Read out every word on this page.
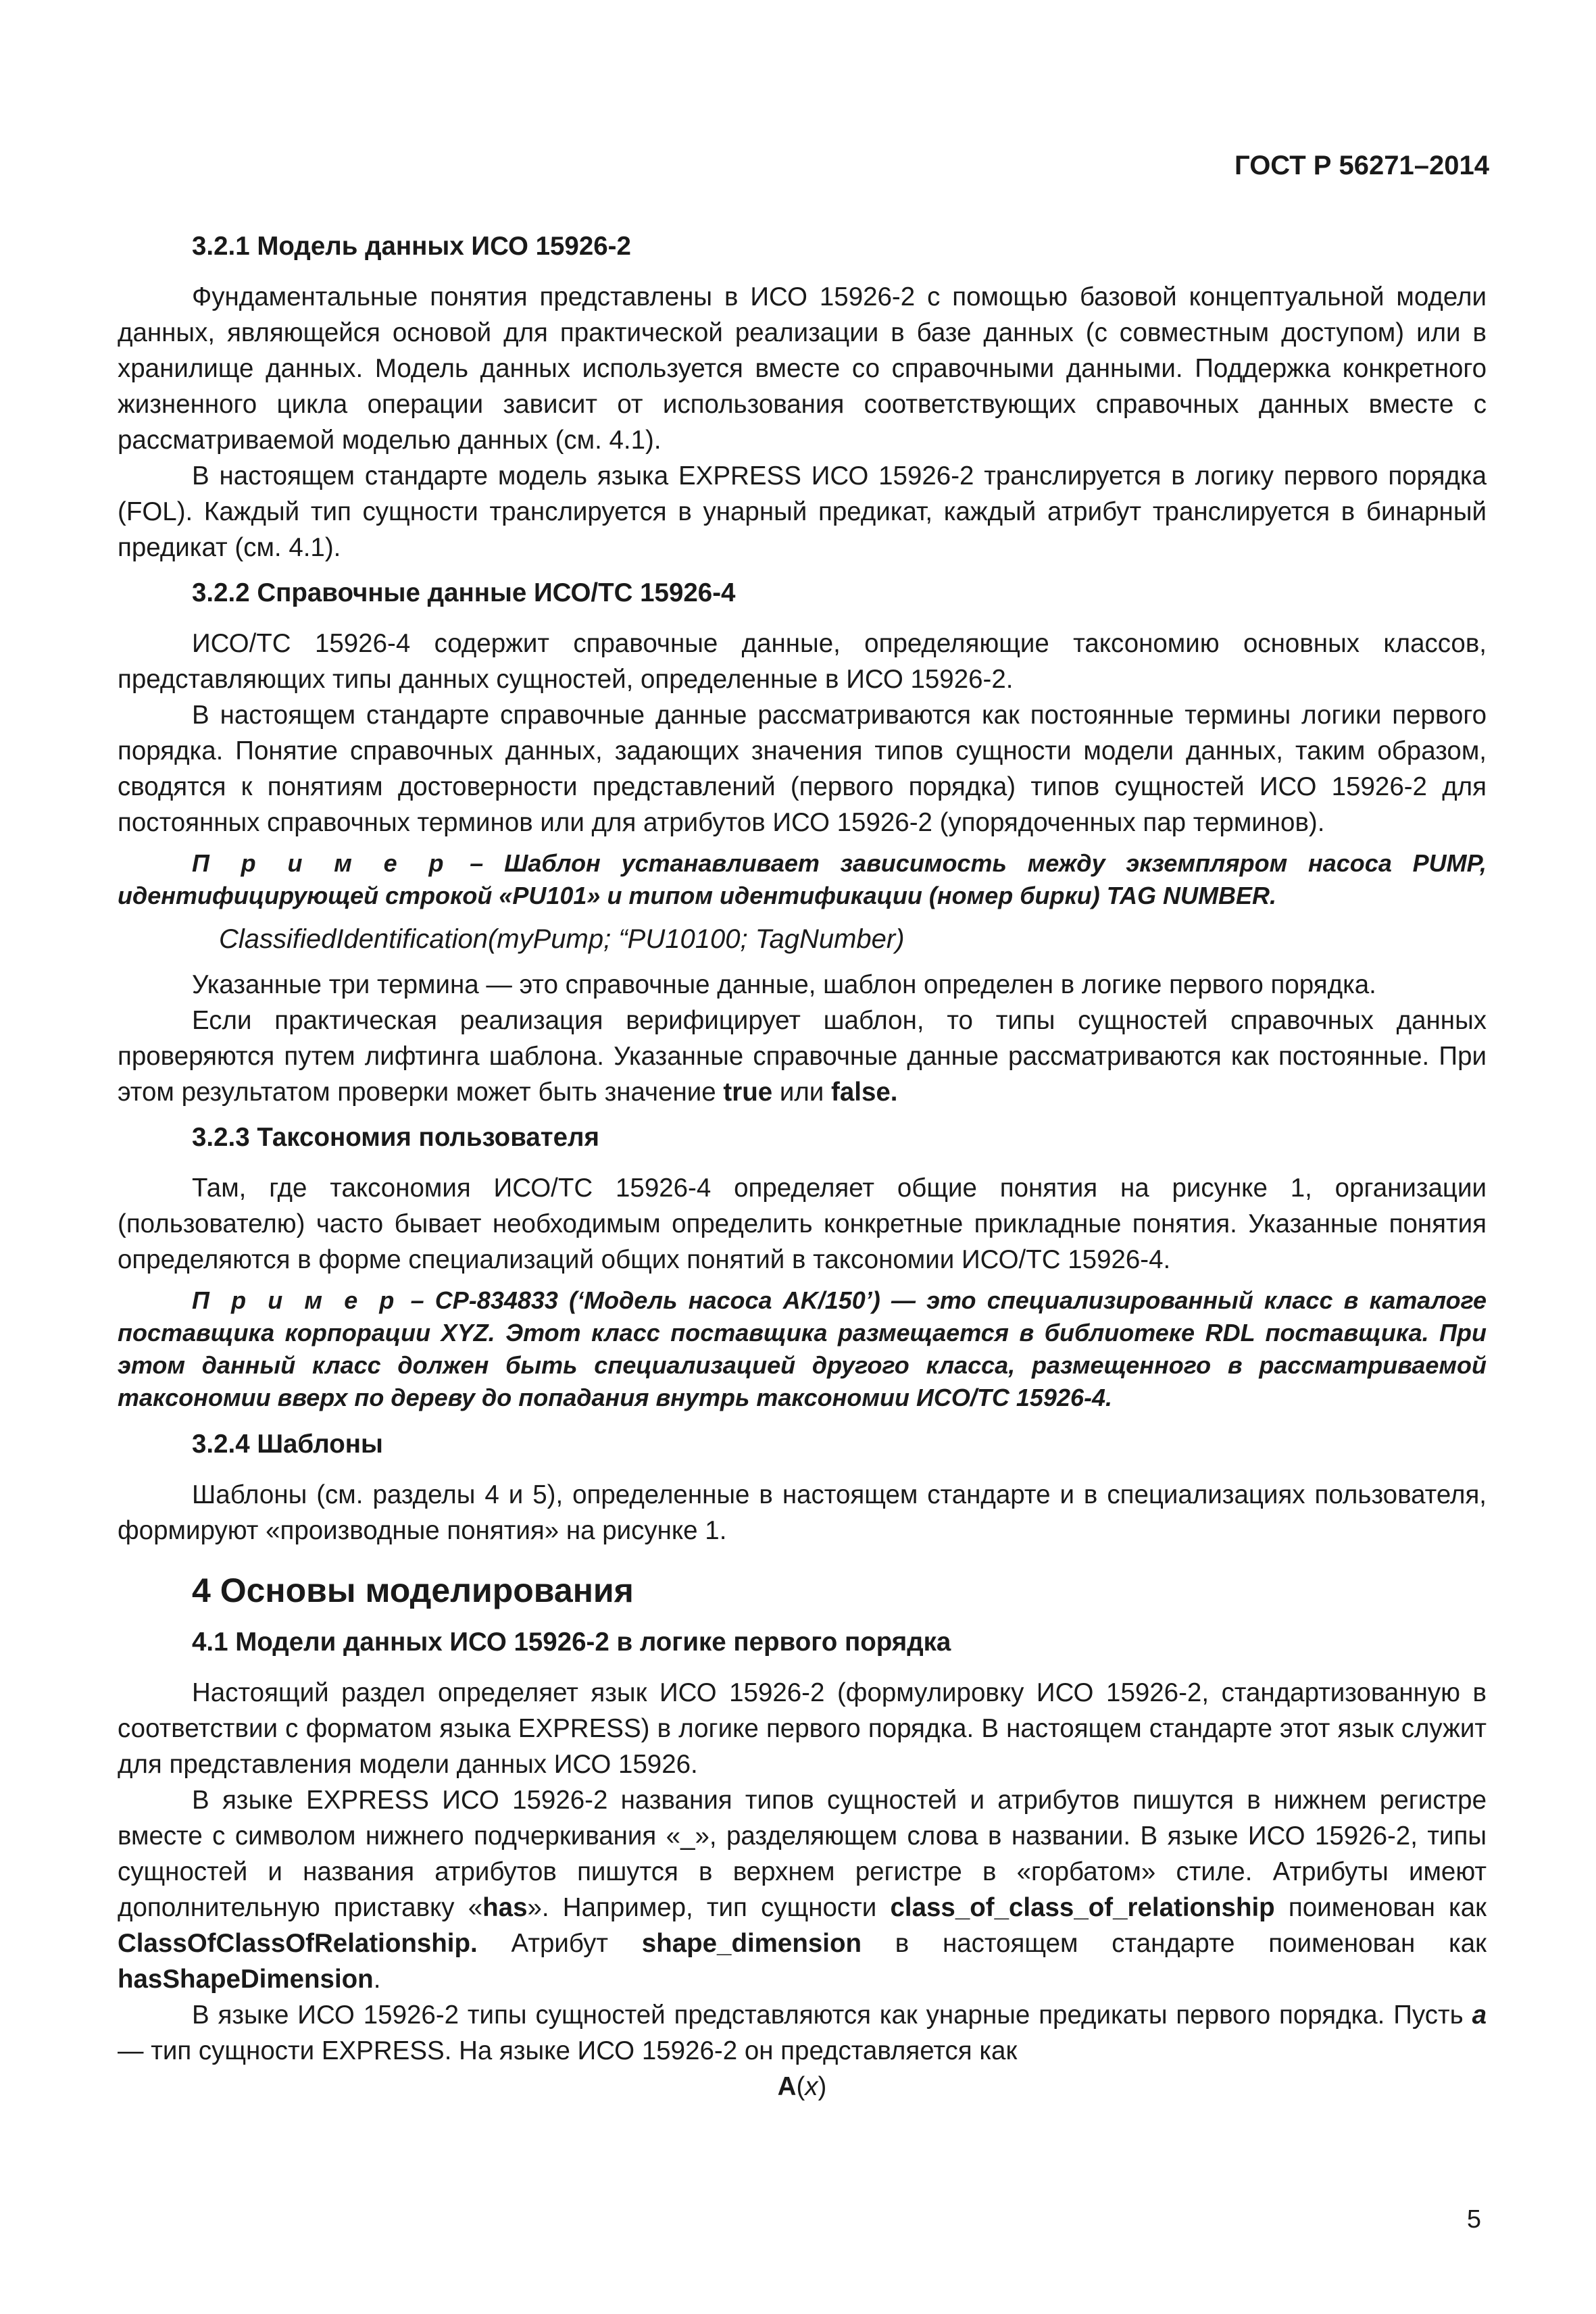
ГОСТ Р 56271–2014

3.2.1 Модель данных ИСО 15926-2

Фундаментальные понятия представлены в ИСО 15926-2 с помощью базовой концептуальной модели данных, являющейся основой для практической реализации в базе данных (с совместным доступом) или в хранилище данных. Модель данных используется вместе со справочными данными. Поддержка конкретного жизненного цикла операции зависит от использования соответствующих справочных данных вместе с рассматриваемой моделью данных (см. 4.1).

В настоящем стандарте модель языка EXPRESS ИСО 15926-2 транслируется в логику первого порядка (FOL). Каждый тип сущности транслируется в унарный предикат, каждый атрибут транслируется в бинарный предикат (см. 4.1).

3.2.2 Справочные данные ИСО/ТС 15926-4

ИСО/ТС 15926-4 содержит справочные данные, определяющие таксономию основных классов, представляющих типы данных сущностей, определенные в ИСО 15926-2.

В настоящем стандарте справочные данные рассматриваются как постоянные термины логики первого порядка. Понятие справочных данных, задающих значения типов сущности модели данных, таким образом, сводятся к понятиям достоверности представлений (первого порядка) типов сущностей ИСО 15926-2 для постоянных справочных терминов или для атрибутов ИСО 15926-2 (упорядоченных пар терминов).

П р и м е р – Шаблон устанавливает зависимость между экземпляром насоса PUMP, идентифицирующей строкой «PU101» и типом идентификации (номер бирки) TAG NUMBER.

ClassifiedIdentification(myPump; “PU10100; TagNumber)

Указанные три термина — это справочные данные, шаблон определен в логике первого порядка.

Если практическая реализация верифицирует шаблон, то типы сущностей справочных данных проверяются путем лифтинга шаблона. Указанные справочные данные рассматриваются как постоянные. При этом результатом проверки может быть значение true или false.

3.2.3 Таксономия пользователя

Там, где таксономия ИСО/ТС 15926-4 определяет общие понятия на рисунке 1, организации (пользователю) часто бывает необходимым определить конкретные прикладные понятия. Указанные понятия определяются в форме специализаций общих понятий в таксономии ИСО/ТС 15926-4.

П р и м е р – CP-834833 (‘Модель насоса AK/150’) — это специализированный класс в каталоге поставщика корпорации XYZ. Этот класс поставщика размещается в библиотеке RDL поставщика. При этом данный класс должен быть специализацией другого класса, размещенного в рассматриваемой таксономии вверх по дереву до попадания внутрь таксономии ИСО/ТС 15926-4.

3.2.4 Шаблоны

Шаблоны (см. разделы 4 и 5), определенные в настоящем стандарте и в специализациях пользователя, формируют «производные понятия» на рисунке 1.

4 Основы моделирования

4.1 Модели данных ИСО 15926-2 в логике первого порядка

Настоящий раздел определяет язык ИСО 15926-2 (формулировку ИСО 15926-2, стандартизованную в соответствии с форматом языка EXPRESS) в логике первого порядка. В настоящем стандарте этот язык служит для представления модели данных ИСО 15926.

В языке EXPRESS ИСО 15926-2 названия типов сущностей и атрибутов пишутся в нижнем регистре вместе с символом нижнего подчеркивания «_», разделяющем слова в названии. В языке ИСО 15926-2, типы сущностей и названия атрибутов пишутся в верхнем регистре в «горбатом» стиле. Атрибуты имеют дополнительную приставку «has». Например, тип сущности class_of_class_of_relationship поименован как ClassOfClassOfRelationship. Атрибут shape_dimension в настоящем стандарте поименован как hasShapeDimension.

В языке ИСО 15926-2 типы сущностей представляются как унарные предикаты первого порядка. Пусть a — тип сущности EXPRESS. На языке ИСО 15926-2 он представляется как

A(x)

5
